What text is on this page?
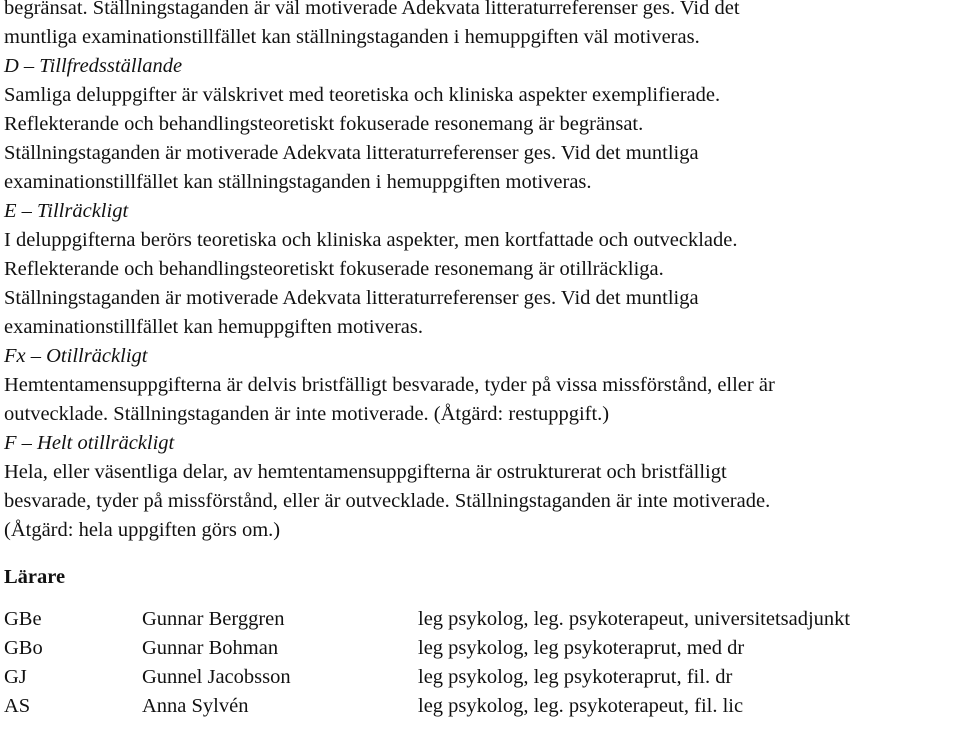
begränsat. Ställningstaganden är väl motiverade Adekvata litteraturreferenser ges. Vid det
muntliga examinationstillfället kan ställningstaganden i hemuppgiften väl motiveras.
D – Tillfredsställande
Samliga deluppgifter är välskrivet med teoretiska och kliniska aspekter exemplifierade.
Reflekterande och behandlingsteoretiskt fokuserade resonemang är begränsat.
Ställningstaganden är motiverade Adekvata litteraturreferenser ges. Vid det muntliga
examinationstillfället kan ställningstaganden i hemuppgiften motiveras.
E – Tillräckligt
I deluppgifterna berörs teoretiska och kliniska aspekter, men kortfattade och outvecklade.
Reflekterande och behandlingsteoretiskt fokuserade resonemang är otillräckliga.
Ställningstaganden är motiverade Adekvata litteraturreferenser ges. Vid det muntliga
examinationstillfället kan hemuppgiften motiveras.
Fx – Otillräckligt
Hemtentamensuppgifterna är delvis bristfälligt besvarade, tyder på vissa missförstånd, eller är
outvecklade. Ställningstaganden är inte motiverade. (Åtgärd: restuppgift.)
F – Helt otillräckligt
Hela, eller väsentliga delar, av hemtentamensuppgifterna är ostrukturerat och bristfälligt
besvarade, tyder på missförstånd, eller är outvecklade. Ställningstaganden är inte motiverade.
(Åtgärd: hela uppgiften görs om.)
Lärare
GBe	Gunnar Berggren	leg psykolog, leg. psykoterapeut, universitetsadjunkt
GBo	Gunnar Bohman	leg psykolog, leg psykoteraprut, med dr
GJ	Gunnel Jacobsson	leg psykolog, leg psykoteraprut, fil. dr
AS	Anna Sylvén	leg psykolog, leg. psykoterapeut, fil. lic
